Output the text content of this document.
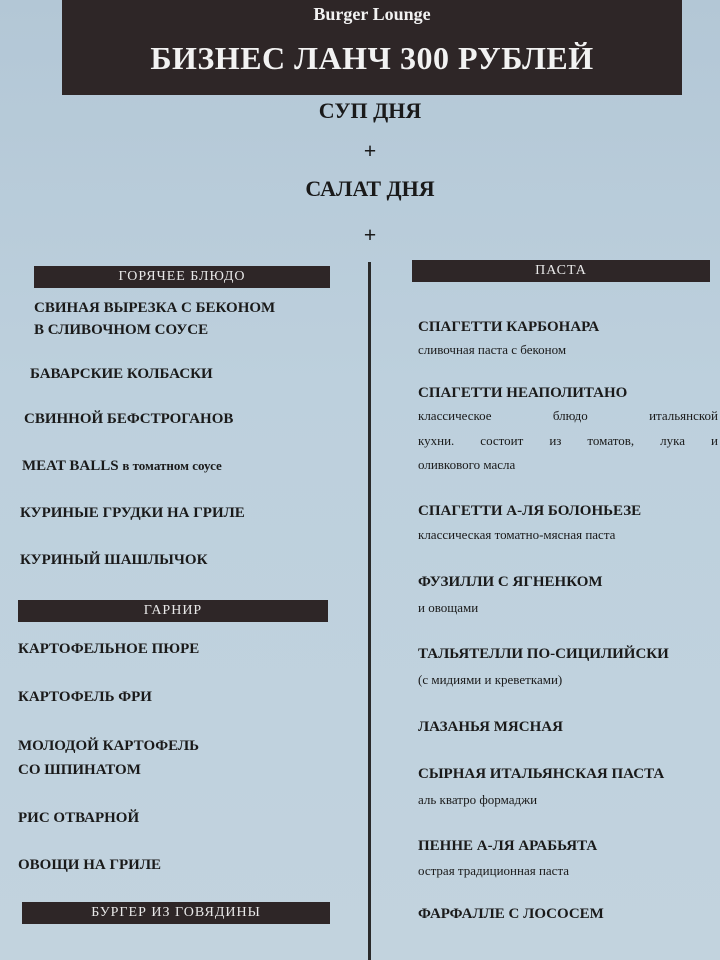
Burger Lounge
БИЗНЕС ЛАНЧ 300 РУБЛЕЙ
СУП ДНЯ
+
САЛАТ ДНЯ
+
ГОРЯЧЕЕ БЛЮДО
СВИНАЯ ВЫРЕЗКА С БЕКОНОМ
В СЛИВОЧНОМ СОУСЕ
БАВАРСКИЕ КОЛБАСКИ
СВИННОЙ БЕФСТРОГАНОВ
MEAT BALLS в томатном соусе
КУРИНЫЕ ГРУДКИ НА ГРИЛЕ
КУРИНЫЙ ШАШЛЫЧОК
ГАРНИР
КАРТОФЕЛЬНОЕ ПЮРЕ
КАРТОФЕЛЬ ФРИ
МОЛОДОЙ КАРТОФЕЛЬ
СО ШПИНАТОМ
РИС ОТВАРНОЙ
ОВОЩИ НА ГРИЛЕ
БУРГЕР ИЗ ГОВЯДИНЫ
ПАСТА
СПАГЕТТИ КАРБОНАРА
сливочная паста с беконом
СПАГЕТТИ НЕАПОЛИТАНО
классическое блюдо итальянской
кухни. состоит из томатов, лука и
оливкового масла
СПАГЕТТИ А-ЛЯ БОЛОНЬЕЗЕ
классическая томатно-мясная паста
ФУЗИЛЛИ С ЯГНЕНКОМ
и овощами
ТАЛЬЯТЕЛЛИ ПО-СИЦИЛИЙСКИ
(с мидиями и креветками)
ЛАЗАНЬЯ МЯСНАЯ
СЫРНАЯ ИТАЛЬЯНСКАЯ ПАСТА
аль кватро формаджи
ПЕННЕ А-ЛЯ АРАБЬЯТА
острая традиционная паста
ФАРФАЛЛЕ С ЛОСОСЕМ
